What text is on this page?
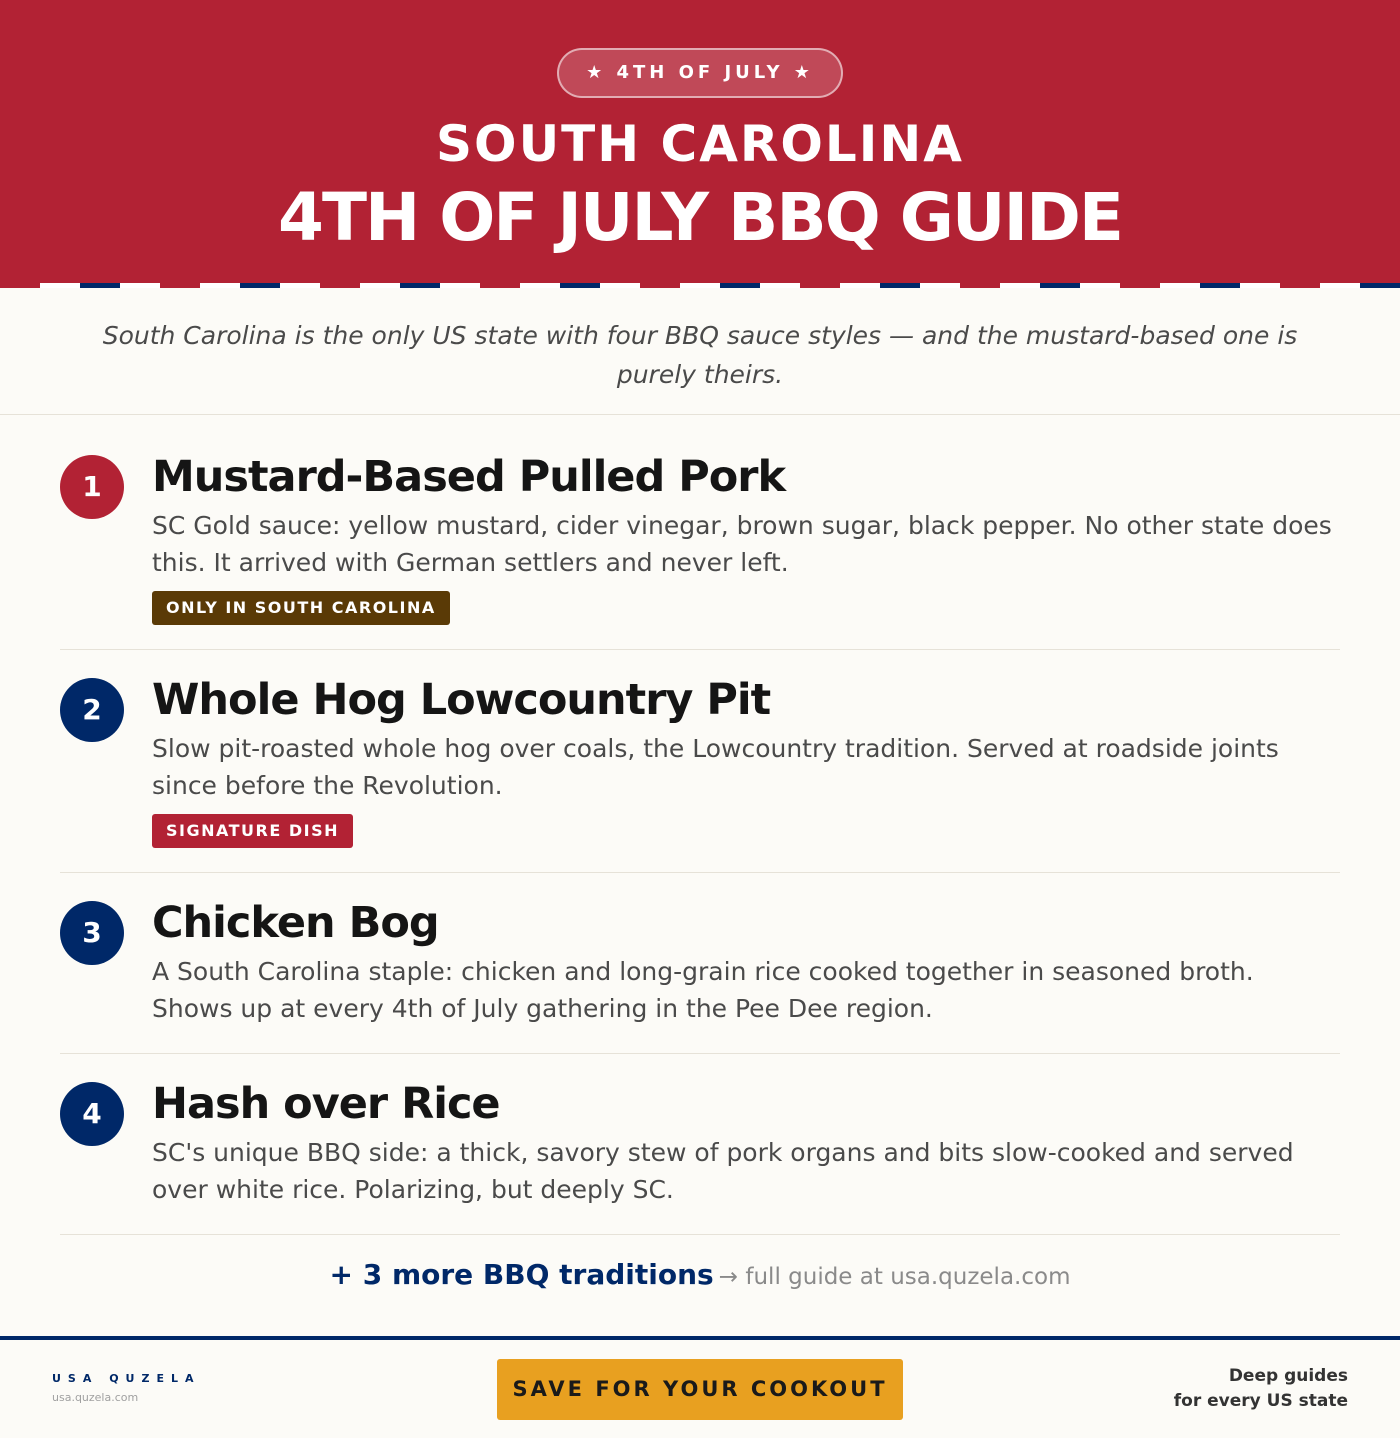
★ 4TH OF JULY ★
SOUTH CAROLINA
4TH OF JULY BBQ GUIDE
South Carolina is the only US state with four BBQ sauce styles — and the mustard-based one is purely theirs.
1	Mustard-Based Pulled Pork
SC Gold sauce: yellow mustard, cider vinegar, brown sugar, black pepper. No other state does this. It arrived with German settlers and never left.
ONLY IN SOUTH CAROLINA
2	Whole Hog Lowcountry Pit
Slow pit-roasted whole hog over coals, the Lowcountry tradition. Served at roadside joints since before the Revolution.
SIGNATURE DISH
3	Chicken Bog
A South Carolina staple: chicken and long-grain rice cooked together in seasoned broth. Shows up at every 4th of July gathering in the Pee Dee region.
4	Hash over Rice
SC's unique BBQ side: a thick, savory stew of pork organs and bits slow-cooked and served over white rice. Polarizing, but deeply SC.
+ 3 more BBQ traditions → full guide at usa.quzela.com
USA QUZELA
usa.quzela.com	SAVE FOR YOUR COOKOUT
Deep guides
for every US state
